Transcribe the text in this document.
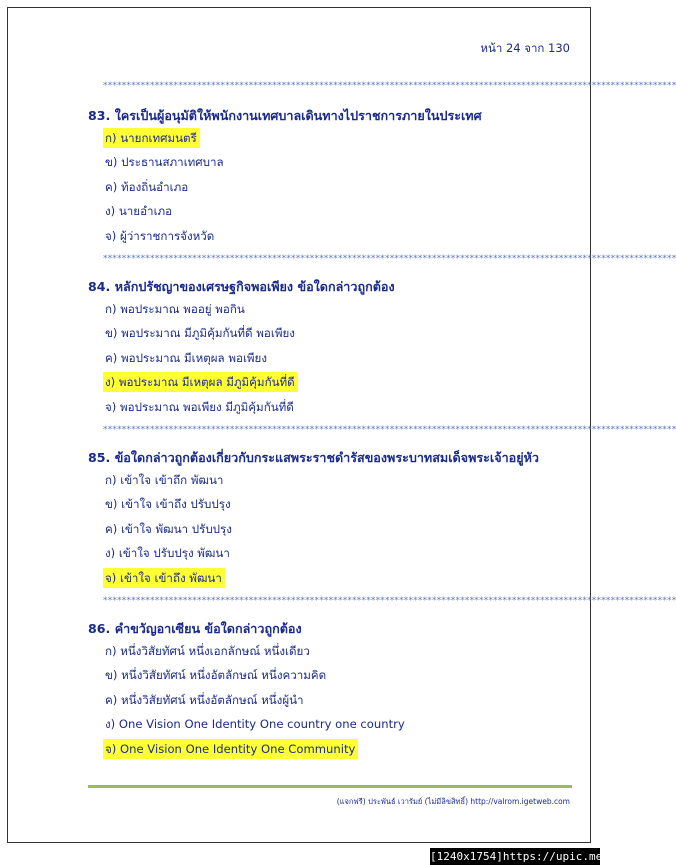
หน้า 24 จาก 130
**************************************************************************************************************************
**************************************************************************************************************************
**************************************************************************************************************************
**************************************************************************************************************************
83. ใครเป็นผู้อนุมัติให้พนักงานเทศบาลเดินทางไปราชการภายในประเทศ
ก) นายกเทศมนตรี
ข) ประธานสภาเทศบาล
ค) ท้องถิ่นอำเภอ
ง) นายอำเภอ
จ) ผู้ว่าราชการจังหวัด
84. หลักปรัชญาของเศรษฐกิจพอเพียง ข้อใดกล่าวถูกต้อง
ก) พอประมาณ พออยู่ พอกิน
ข) พอประมาณ มีภูมิคุ้มกันที่ดี พอเพียง
ค) พอประมาณ มีเหตุผล พอเพียง
ง) พอประมาณ มีเหตุผล มีภูมิคุ้มกันที่ดี
จ) พอประมาณ พอเพียง มีภูมิคุ้มกันที่ดี
85. ข้อใดกล่าวถูกต้องเกี่ยวกับกระแสพระราชดำรัสของพระบาทสมเด็จพระเจ้าอยู่หัว
ก) เข้าใจ เข้าถึก พัฒนา
ข) เข้าใจ เข้าถึง ปรับปรุง
ค) เข้าใจ พัฒนา ปรับปรุง
ง) เข้าใจ ปรับปรุง พัฒนา
จ) เข้าใจ เข้าถึง พัฒนา
86. คำขวัญอาเซียน ข้อใดกล่าวถูกต้อง
ก) หนึ่งวิสัยทัศน์ หนึ่งเอกลักษณ์ หนึ่งเดียว
ข) หนึ่งวิสัยทัศน์ หนึ่งอัตลักษณ์ หนึ่งความคิด
ค) หนึ่งวิสัยทัศน์ หนึ่งอัตลักษณ์ หนึ่งผู้นำ
ง) One Vision One Identity One country one country
จ) One Vision One Identity One Community
(แจกฟรี) ประพันธ์ เวารัมย์ (ไม่มีลิขสิทธิ์) http://valrom.igetweb.com
[1240x1754]https://upic.me/
